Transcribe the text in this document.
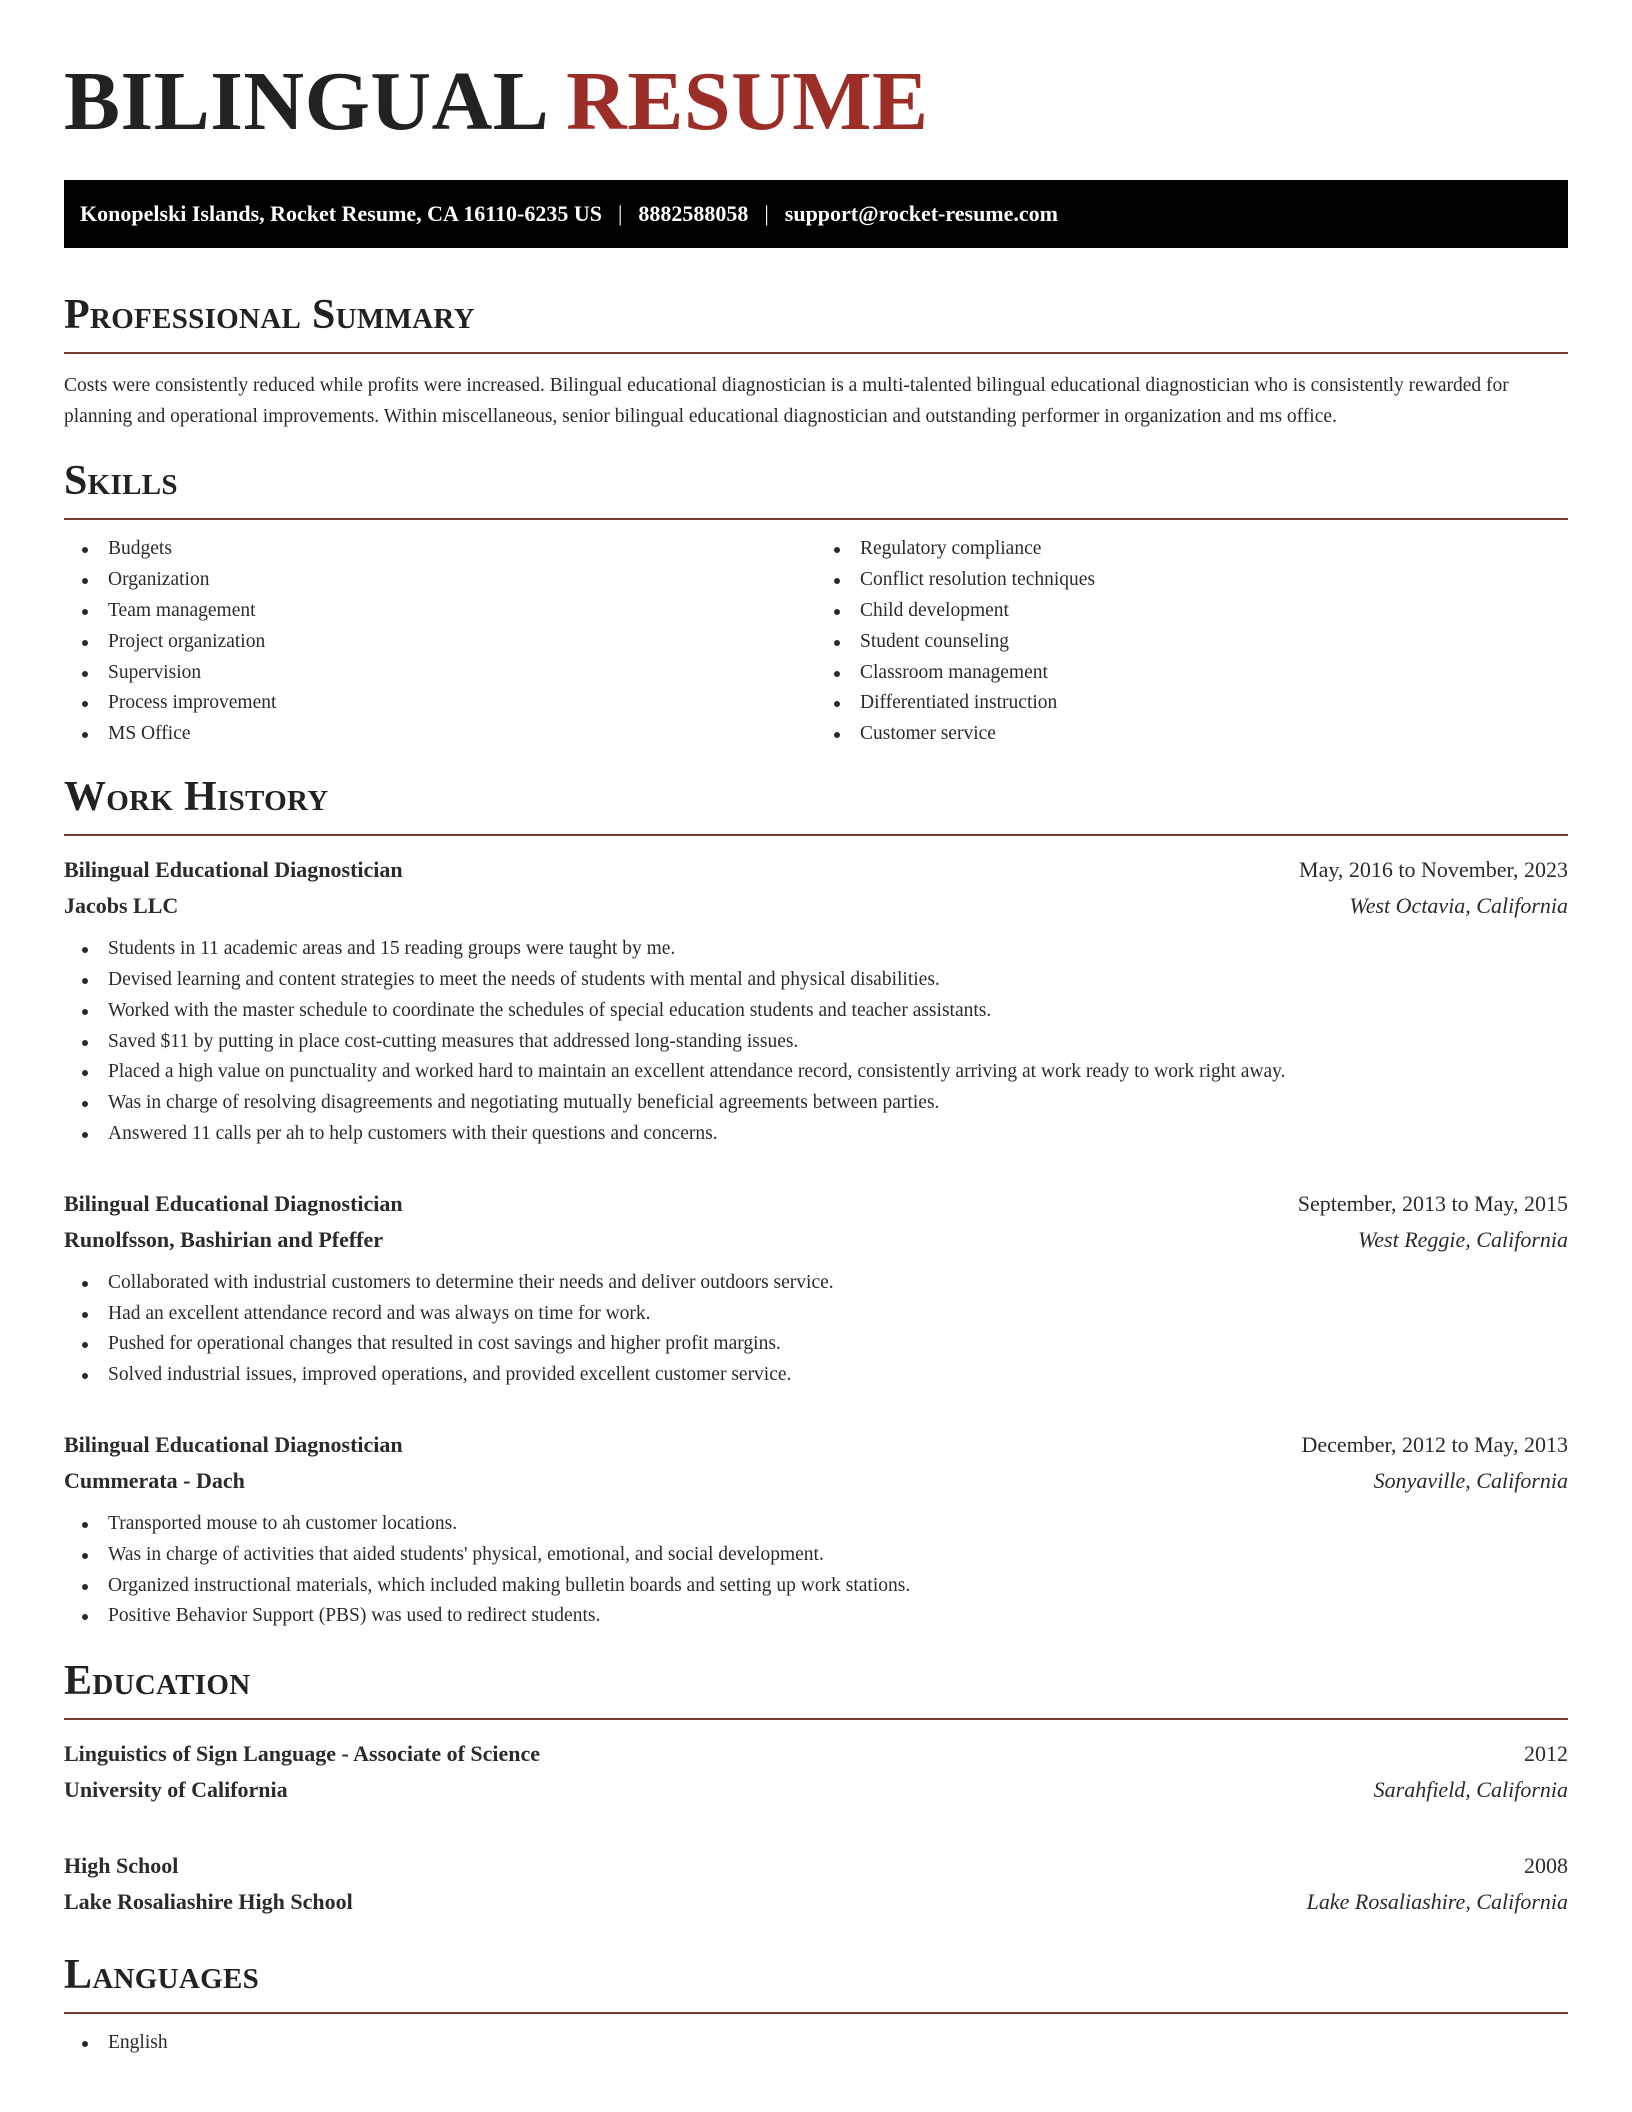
BILINGUAL RESUME
Konopelski Islands, Rocket Resume, CA 16110-6235 US | 8882588058 | support@rocket-resume.com
Professional Summary

Costs were consistently reduced while profits were increased. Bilingual educational diagnostician is a multi-talented bilingual educational diagnostician who is consistently rewarded for planning and operational improvements. Within miscellaneous, senior bilingual educational diagnostician and outstanding performer in organization and ms office.

Skills
Budgets
Organization
Team management
Project organization
Supervision
Process improvement
MS Office
Regulatory compliance
Conflict resolution techniques
Child development
Student counseling
Classroom management
Differentiated instruction
Customer service
Work History
Bilingual Educational Diagnostician	May, 2016 to November, 2023
Jacobs LLC	West Octavia, California
Students in 11 academic areas and 15 reading groups were taught by me.
Devised learning and content strategies to meet the needs of students with mental and physical disabilities.
Worked with the master schedule to coordinate the schedules of special education students and teacher assistants.
Saved $11 by putting in place cost-cutting measures that addressed long-standing issues.
Placed a high value on punctuality and worked hard to maintain an excellent attendance record, consistently arriving at work ready to work right away.
Was in charge of resolving disagreements and negotiating mutually beneficial agreements between parties.
Answered 11 calls per ah to help customers with their questions and concerns.
Bilingual Educational Diagnostician	September, 2013 to May, 2015
Runolfsson, Bashirian and Pfeffer	West Reggie, California
Collaborated with industrial customers to determine their needs and deliver outdoors service.
Had an excellent attendance record and was always on time for work.
Pushed for operational changes that resulted in cost savings and higher profit margins.
Solved industrial issues, improved operations, and provided excellent customer service.
Bilingual Educational Diagnostician	December, 2012 to May, 2013
Cummerata - Dach	Sonyaville, California
Transported mouse to ah customer locations.
Was in charge of activities that aided students' physical, emotional, and social development.
Organized instructional materials, which included making bulletin boards and setting up work stations.
Positive Behavior Support (PBS) was used to redirect students.
Education
Linguistics of Sign Language - Associate of Science	2012
University of California	Sarahfield, California
High School	2008
Lake Rosaliashire High School	Lake Rosaliashire, California
Languages
English
